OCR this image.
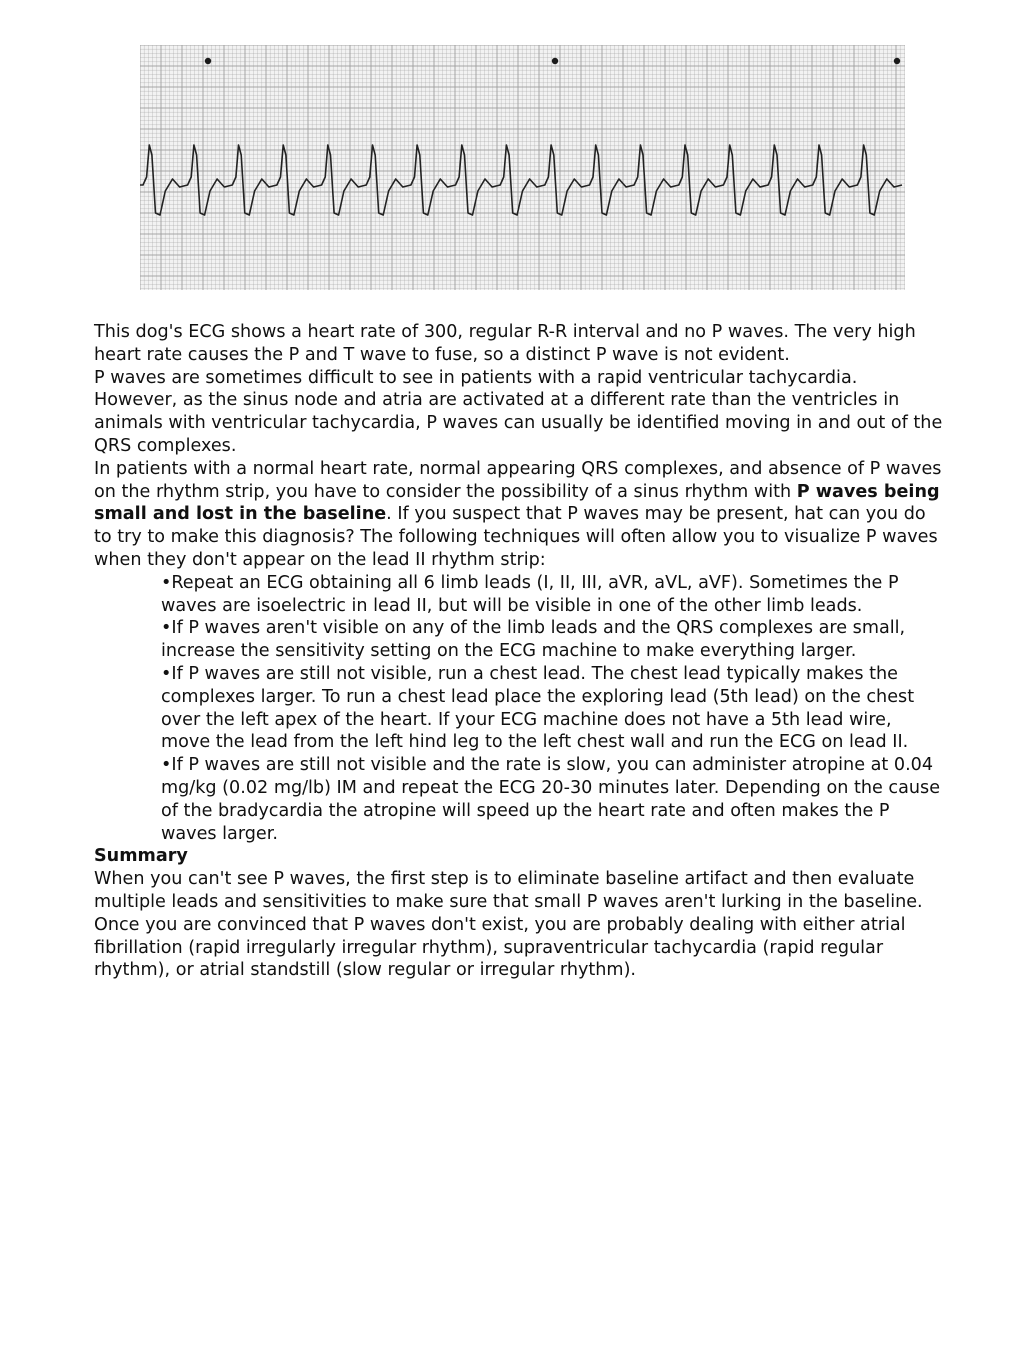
This dog's ECG shows a heart rate of 300, regular R-R interval and no P waves. The very high heart rate causes the P and T wave to fuse, so a distinct P wave is not evident.

P waves are sometimes difficult to see in patients with a rapid ventricular tachycardia. However, as the sinus node and atria are activated at a different rate than the ventricles in animals with ventricular tachycardia, P waves can usually be identified moving in and out of the QRS complexes.

In patients with a normal heart rate, normal appearing QRS complexes, and absence of P waves on the rhythm strip, you have to consider the possibility of a sinus rhythm with P waves being small and lost in the baseline. If you suspect that P waves may be present, hat can you do to try to make this diagnosis? The following techniques will often allow you to visualize P waves when they don't appear on the lead II rhythm strip:

•Repeat an ECG obtaining all 6 limb leads (I, II, III, aVR, aVL, aVF). Sometimes the P waves are isoelectric in lead II, but will be visible in one of the other limb leads.
•If P waves aren't visible on any of the limb leads and the QRS complexes are small, increase the sensitivity setting on the ECG machine to make everything larger.
•If P waves are still not visible, run a chest lead. The chest lead typically makes the complexes larger. To run a chest lead place the exploring lead (5th lead) on the chest over the left apex of the heart. If your ECG machine does not have a 5th lead wire, move the lead from the left hind leg to the left chest wall and run the ECG on lead II.
•If P waves are still not visible and the rate is slow, you can administer atropine at 0.04 mg/kg (0.02 mg/lb) IM and repeat the ECG 20-30 minutes later. Depending on the cause of the bradycardia the atropine will speed up the heart rate and often makes the P waves larger.

Summary

When you can't see P waves, the first step is to eliminate baseline artifact and then evaluate multiple leads and sensitivities to make sure that small P waves aren't lurking in the baseline. Once you are convinced that P waves don't exist, you are probably dealing with either atrial fibrillation (rapid irregularly irregular rhythm), supraventricular tachycardia (rapid regular rhythm), or atrial standstill (slow regular or irregular rhythm).
